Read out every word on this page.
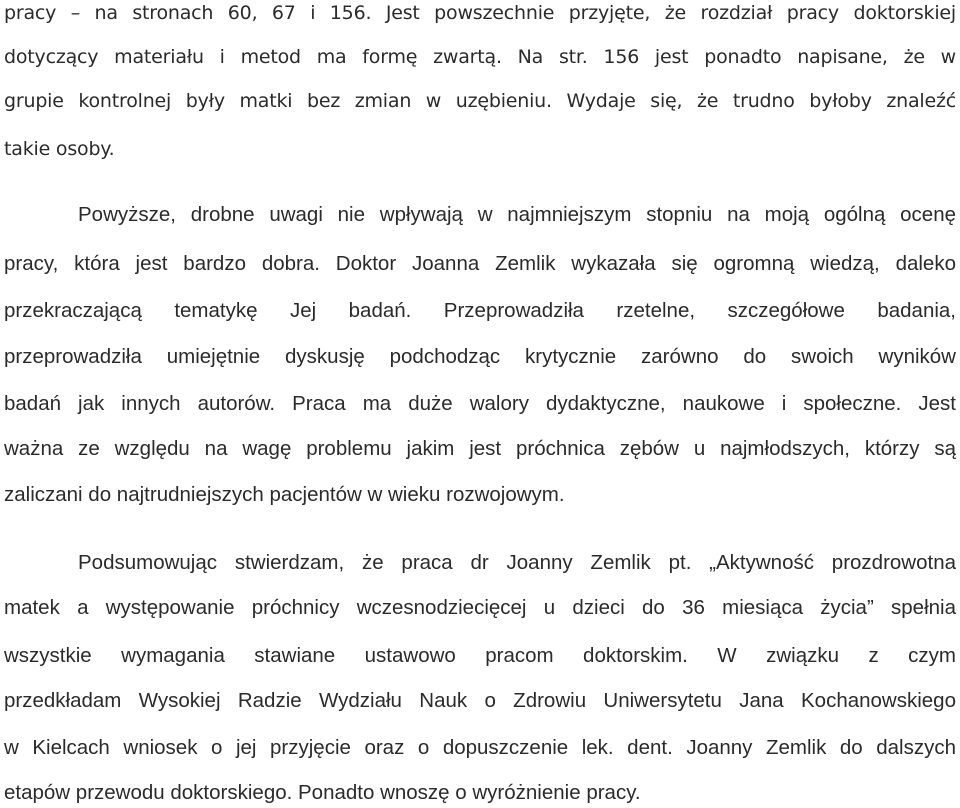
pracy – na stronach 60, 67 i 156. Jest powszechnie przyjęte, że rozdział pracy doktorskiej
dotyczący materiału i metod ma formę zwartą. Na str. 156 jest ponadto napisane, że w
grupie kontrolnej były matki bez zmian w uzębieniu. Wydaje się, że trudno byłoby znaleźć
takie osoby.
Powyższe, drobne uwagi nie wpływają w najmniejszym stopniu na moją ogólną ocenę
pracy, która jest bardzo dobra. Doktor Joanna Zemlik wykazała się ogromną wiedzą, daleko
przekraczającą tematykę Jej badań. Przeprowadziła rzetelne, szczegółowe badania,
przeprowadziła umiejętnie dyskusję podchodząc krytycznie zarówno do swoich wyników
badań jak innych autorów. Praca ma duże walory dydaktyczne, naukowe i społeczne. Jest
ważna ze względu na wagę problemu jakim jest próchnica zębów u najmłodszych, którzy są
zaliczani do najtrudniejszych pacjentów w wieku rozwojowym.
Podsumowując stwierdzam, że praca dr Joanny Zemlik pt. „Aktywność prozdrowotna
matek a występowanie próchnicy wczesnodziecięcej u dzieci do 36 miesiąca życia” spełnia
wszystkie wymagania stawiane ustawowo pracom doktorskim. W związku z czym
przedkładam Wysokiej Radzie Wydziału Nauk o Zdrowiu Uniwersytetu Jana Kochanowskiego
w Kielcach wniosek o jej przyjęcie oraz o dopuszczenie lek. dent. Joanny Zemlik do dalszych
etapów przewodu doktorskiego. Ponadto wnoszę o wyróżnienie pracy.
